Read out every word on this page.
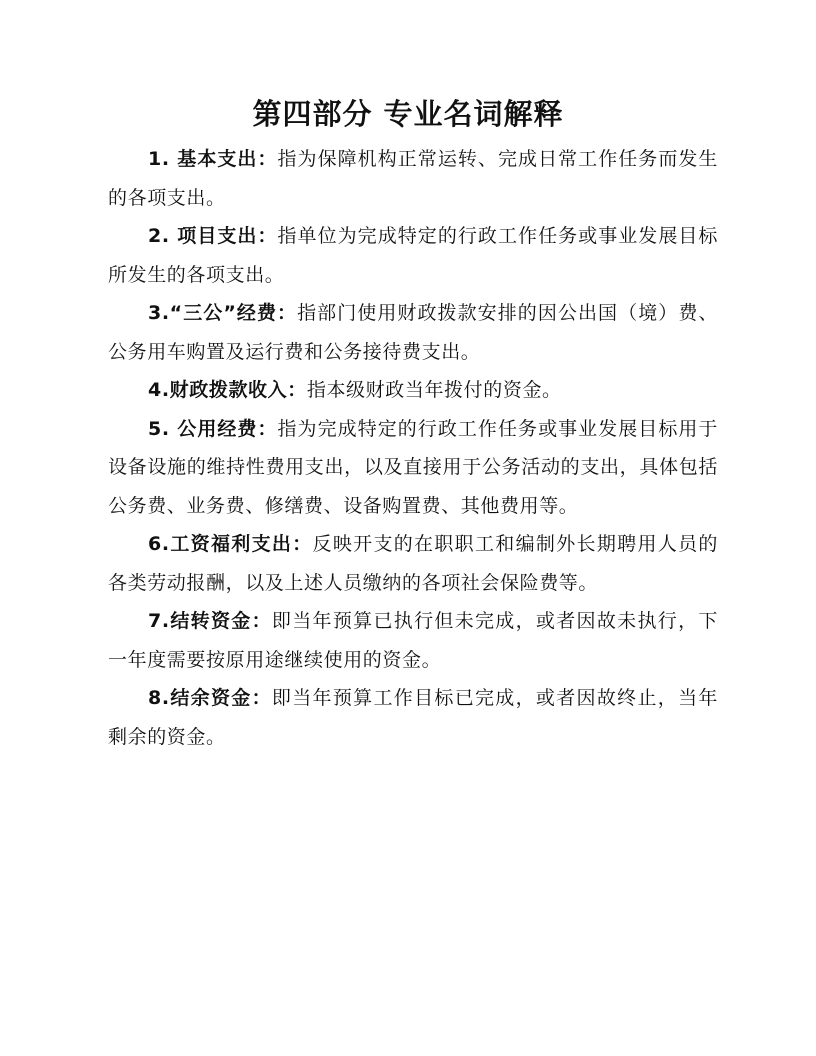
第四部分 专业名词解释

1. 基本支出：指为保障机构正常运转、完成日常工作任务而发生的各项支出。

2. 项目支出：指单位为完成特定的行政工作任务或事业发展目标所发生的各项支出。

3.“三公”经费：指部门使用财政拨款安排的因公出国（境）费、公务用车购置及运行费和公务接待费支出。

4.财政拨款收入：指本级财政当年拨付的资金。

5. 公用经费：指为完成特定的行政工作任务或事业发展目标用于设备设施的维持性费用支出，以及直接用于公务活动的支出，具体包括公务费、业务费、修缮费、设备购置费、其他费用等。

6.工资福利支出：反映开支的在职职工和编制外长期聘用人员的各类劳动报酬，以及上述人员缴纳的各项社会保险费等。

7.结转资金：即当年预算已执行但未完成，或者因故未执行，下一年度需要按原用途继续使用的资金。

8.结余资金：即当年预算工作目标已完成，或者因故终止，当年剩余的资金。
